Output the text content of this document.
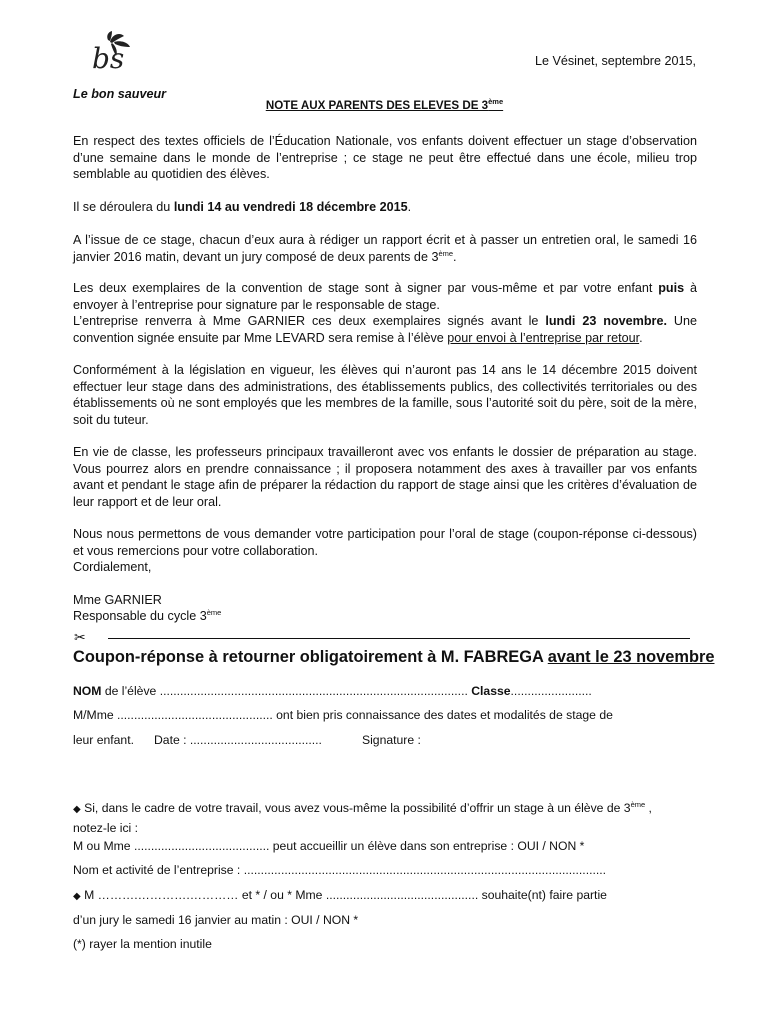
bs
Le bon sauveur
Le Vésinet, septembre 2015,
NOTE AUX PARENTS DES ELEVES DE 3ème
En respect des textes officiels de l’Éducation Nationale, vos enfants doivent effectuer un stage d’observation d’une semaine dans le monde de l’entreprise ; ce stage ne peut être effectué dans une école, milieu trop semblable au quotidien des élèves.
Il se déroulera du lundi 14 au vendredi 18 décembre 2015.
A l’issue de ce stage, chacun d’eux aura à rédiger un rapport écrit et à passer un entretien oral, le samedi 16 janvier 2016 matin, devant un jury composé de deux parents de 3ème.
Les deux exemplaires de la convention de stage sont à signer par vous-même et par votre enfant puis à envoyer à l’entreprise pour signature par le responsable de stage.
L’entreprise renverra à Mme GARNIER ces deux exemplaires signés avant le lundi 23 novembre. Une convention signée ensuite par Mme LEVARD sera remise à l’élève pour envoi à l’entreprise par retour.
Conformément à la législation en vigueur, les élèves qui n’auront pas 14 ans le 14 décembre 2015 doivent effectuer leur stage dans des administrations, des établissements publics, des collectivités territoriales ou des établissements où ne sont employés que les membres de la famille, sous l’autorité soit du père, soit de la mère, soit du tuteur.
En vie de classe, les professeurs principaux travailleront avec vos enfants le dossier de préparation au stage. Vous pourrez alors en prendre connaissance ; il proposera notamment des axes à travailler par vos enfants avant et pendant le stage afin de préparer la rédaction du rapport de stage ainsi que les critères d’évaluation de leur rapport et de leur oral.
Nous nous permettons de vous demander votre participation pour l’oral de stage (coupon-réponse ci-dessous) et vous remercions pour votre collaboration.
Cordialement,
Mme GARNIER
Responsable du cycle 3ème
✂
Coupon-réponse à retourner obligatoirement à M. FABREGA avant le 23 novembre
NOM de l’élève ........................................................................................... Classe........................
M/Mme .............................................. ont bien pris connaissance des dates et modalités de stage de
leur enfant. Date : .......................................	Signature :
◆ Si, dans le cadre de votre travail, vous avez vous-même la possibilité d’offrir un stage à un élève de 3ème ,
notez-le ici :
M ou Mme ........................................ peut accueillir un élève dans son entreprise : OUI / NON *
Nom et activité de l’entreprise : ...........................................................................................................
◆ M ……….………….………… et * / ou * Mme ............................................. souhaite(nt) faire partie
d’un jury le samedi 16 janvier au matin : OUI / NON *
(*) rayer la mention inutile
